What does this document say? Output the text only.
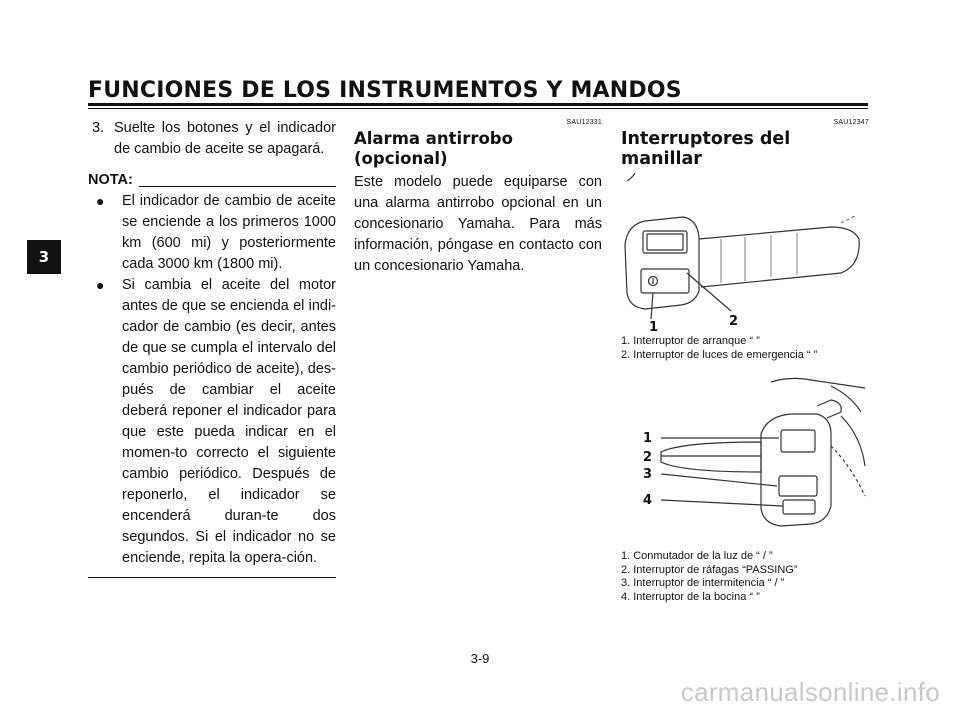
FUNCIONES DE LOS INSTRUMENTOS Y MANDOS
3
3. Suelte los botones y el indicador de cambio de aceite se apagará.
NOTA:
●	El indicador de cambio de aceite se enciende a los primeros 1000 km (600 mi) y posteriormente cada 3000 km (1800 mi).
●	Si cambia el aceite del motor antes de que se encienda el indi-cador de cambio (es decir, antes de que se cumpla el intervalo del cambio periódico de aceite), des-pués de cambiar el aceite deberá reponer el indicador para que este pueda indicar en el momen-to correcto el siguiente cambio periódico. Después de reponerlo, el indicador se encenderá duran-te dos segundos. Si el indicador no se enciende, repita la opera-ción.
SAU12331
Alarma antirrobo (opcional)
Este modelo puede equiparse con una alarma antirrobo opcional en un concesionario Yamaha. Para más información, póngase en contacto con un concesionario Yamaha.
SAU12347
Interruptores del manillar
1	2
1. Interruptor de arranque “ ”
2. Interruptor de luces de emergencia “ ”
1
2
3
4
1. Conmutador de la luz de “ / ”
2. Interruptor de ráfagas “PASSING”
3. Interruptor de intermitencia “ / ”
4. Interruptor de la bocina “ ”
3-9
carmanualsonline.info
